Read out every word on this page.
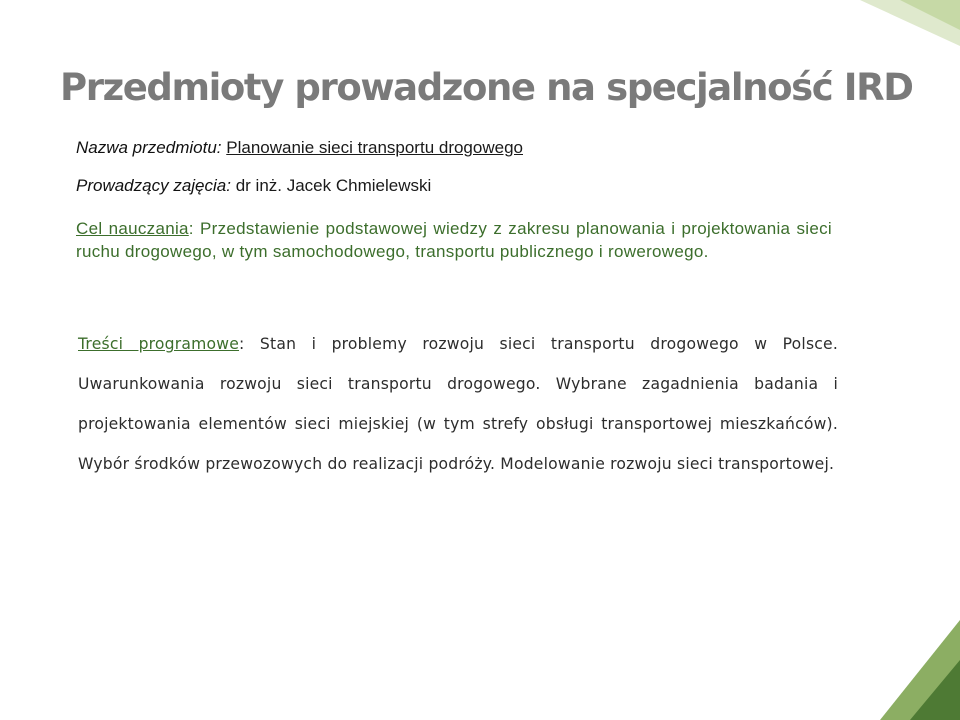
Przedmioty prowadzone na specjalność IRD

Nazwa przedmiotu: Planowanie sieci transportu drogowego

Prowadzący zajęcia: dr inż. Jacek Chmielewski

Cel nauczania: Przedstawienie podstawowej wiedzy z zakresu planowania i projektowania sieci ruchu drogowego, w tym samochodowego, transportu publicznego i rowerowego.

Treści programowe: Stan i problemy rozwoju sieci transportu drogowego w Polsce. Uwarunkowania rozwoju sieci transportu drogowego. Wybrane zagadnienia badania i projektowania elementów sieci miejskiej (w tym strefy obsługi transportowej mieszkańców). Wybór środków przewozowych do realizacji podróży. Modelowanie rozwoju sieci transportowej.
